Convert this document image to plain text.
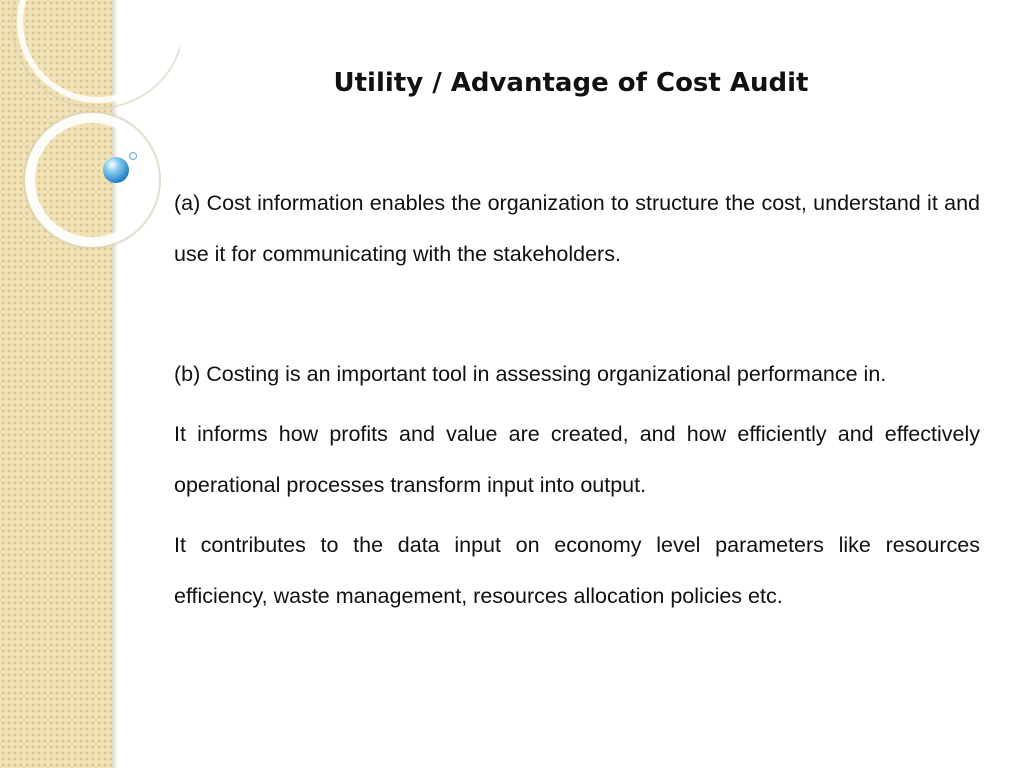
Utility / Advantage of Cost Audit

(a) Cost information enables the organization to structure the cost, understand it and use it for communicating with the stakeholders.

(b) Costing is an important tool in assessing organizational performance in.

It informs how profits and value are created, and how efficiently and effectively operational processes transform input into output.

It contributes to the data input on economy level parameters like resources efficiency, waste management, resources allocation policies etc.
